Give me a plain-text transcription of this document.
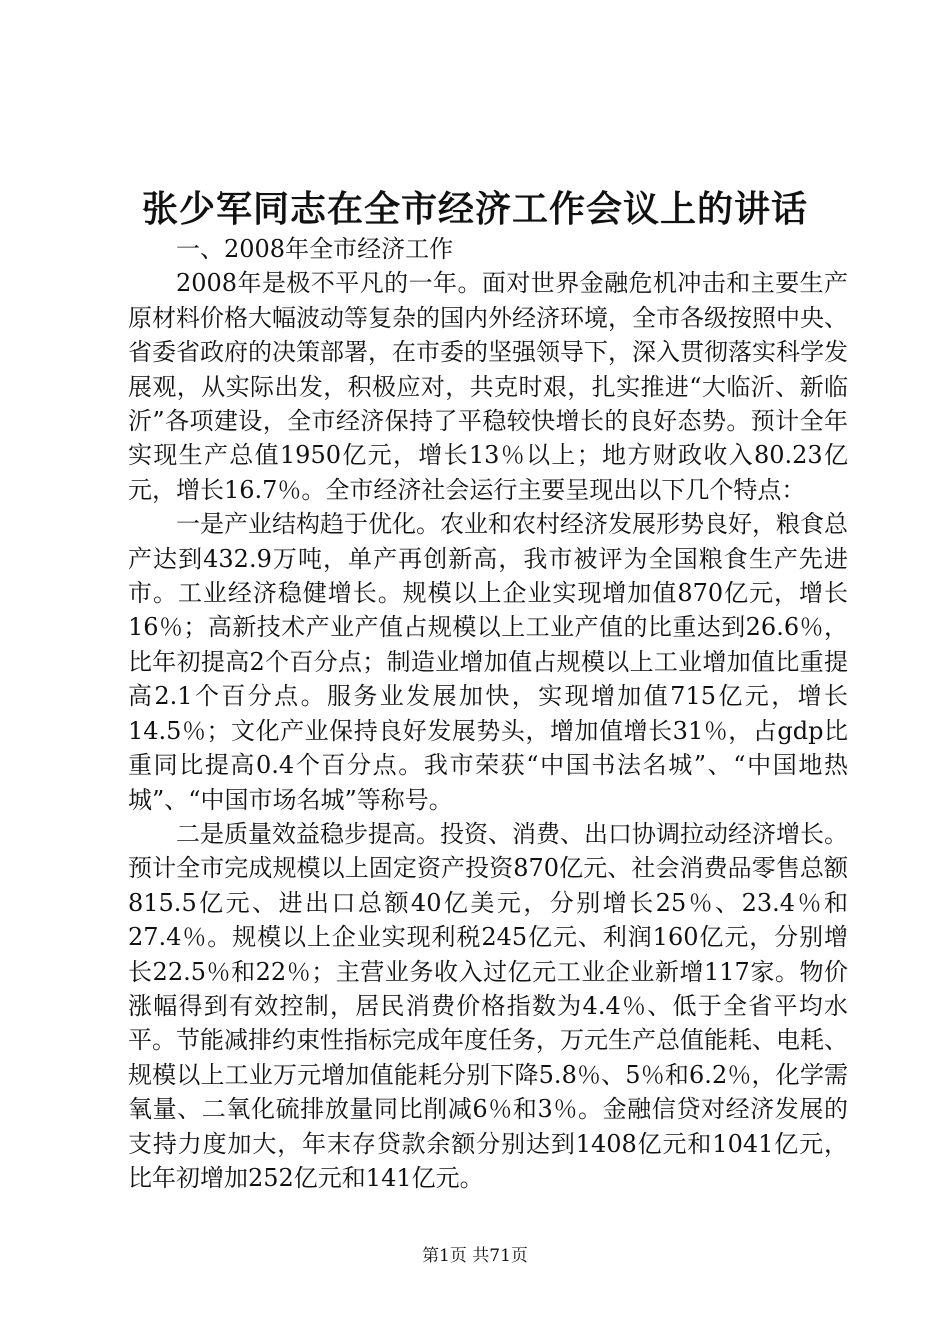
张少军同志在全市经济工作会议上的讲话

一、2008年全市经济工作

2008年是极不平凡的一年。面对世界金融危机冲击和主要生产原材料价格大幅波动等复杂的国内外经济环境，全市各级按照中央、省委省政府的决策部署，在市委的坚强领导下，深入贯彻落实科学发展观，从实际出发，积极应对，共克时艰，扎实推进“大临沂、新临沂”各项建设，全市经济保持了平稳较快增长的良好态势。预计全年实现生产总值1950亿元，增长13％以上；地方财政收入80.23亿元，增长16.7％。全市经济社会运行主要呈现出以下几个特点：

一是产业结构趋于优化。农业和农村经济发展形势良好，粮食总产达到432.9万吨，单产再创新高，我市被评为全国粮食生产先进市。工业经济稳健增长。规模以上企业实现增加值870亿元，增长16％；高新技术产业产值占规模以上工业产值的比重达到26.6％，比年初提高2个百分点；制造业增加值占规模以上工业增加值比重提高2.1个百分点。服务业发展加快，实现增加值715亿元，增长14.5％；文化产业保持良好发展势头，增加值增长31％，占gdp比重同比提高0.4个百分点。我市荣获“中国书法名城”、“中国地热城”、“中国市场名城”等称号。

二是质量效益稳步提高。投资、消费、出口协调拉动经济增长。预计全市完成规模以上固定资产投资870亿元、社会消费品零售总额815.5亿元、进出口总额40亿美元，分别增长25％、23.4％和27.4％。规模以上企业实现利税245亿元、利润160亿元，分别增长22.5％和22％；主营业务收入过亿元工业企业新增117家。物价涨幅得到有效控制，居民消费价格指数为4.4％、低于全省平均水平。节能减排约束性指标完成年度任务，万元生产总值能耗、电耗、规模以上工业万元增加值能耗分别下降5.8％、5％和6.2％，化学需氧量、二氧化硫排放量同比削减6％和3％。金融信贷对经济发展的支持力度加大，年末存贷款余额分别达到1408亿元和1041亿元，比年初增加252亿元和141亿元。

第1页 共71页
